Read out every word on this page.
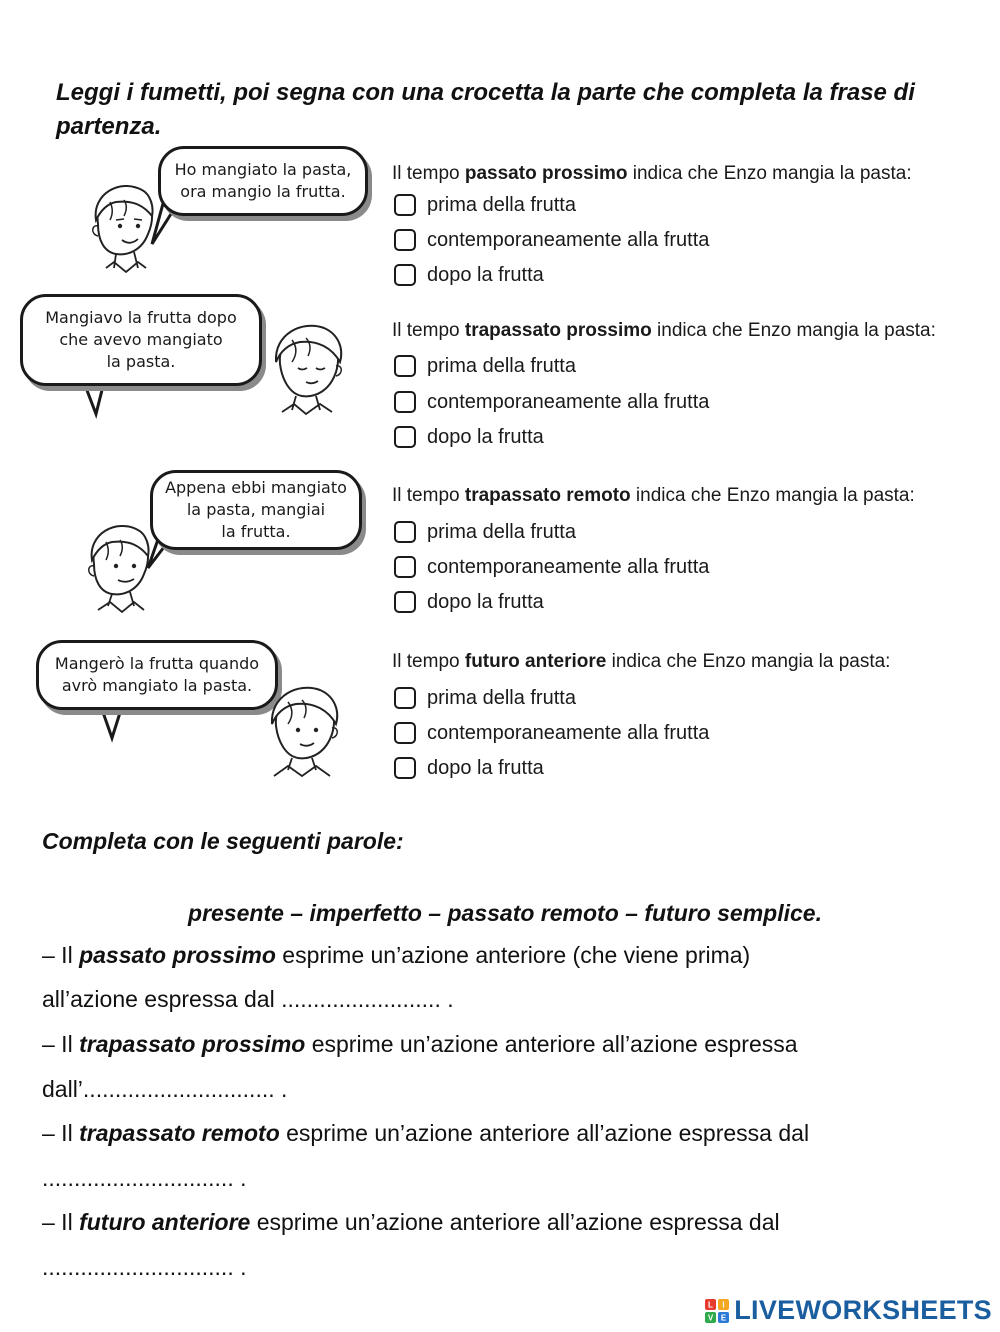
Leggi i fumetti, poi segna con una crocetta la parte che completa la frase di partenza.
Ho mangiato la pasta,
ora mangio la frutta.
Il tempo passato prossimo indica che Enzo mangia la pasta:
prima della frutta
contemporaneamente alla frutta
dopo la frutta
Mangiavo la frutta dopo
che avevo mangiato
la pasta.
Il tempo trapassato prossimo indica che Enzo mangia la pasta:
prima della frutta
contemporaneamente alla frutta
dopo la frutta
Appena ebbi mangiato
la pasta, mangiai
la frutta.
Il tempo trapassato remoto indica che Enzo mangia la pasta:
prima della frutta
contemporaneamente alla frutta
dopo la frutta
Mangerò la frutta quando
avrò mangiato la pasta.
Il tempo futuro anteriore indica che Enzo mangia la pasta:
prima della frutta
contemporaneamente alla frutta
dopo la frutta
Completa con le seguenti parole:
presente – imperfetto – passato remoto – futuro semplice.
– Il passato prossimo esprime un’azione anteriore (che viene prima)
all’azione espressa dal ......................... .
– Il trapassato prossimo esprime un’azione anteriore all’azione espressa
dall’.............................. .
– Il trapassato remoto esprime un’azione anteriore all’azione espressa dal
.............................. .
– Il futuro anteriore esprime un’azione anteriore all’azione espressa dal
.............................. .
L I
V E LIVEWORKSHEETS
